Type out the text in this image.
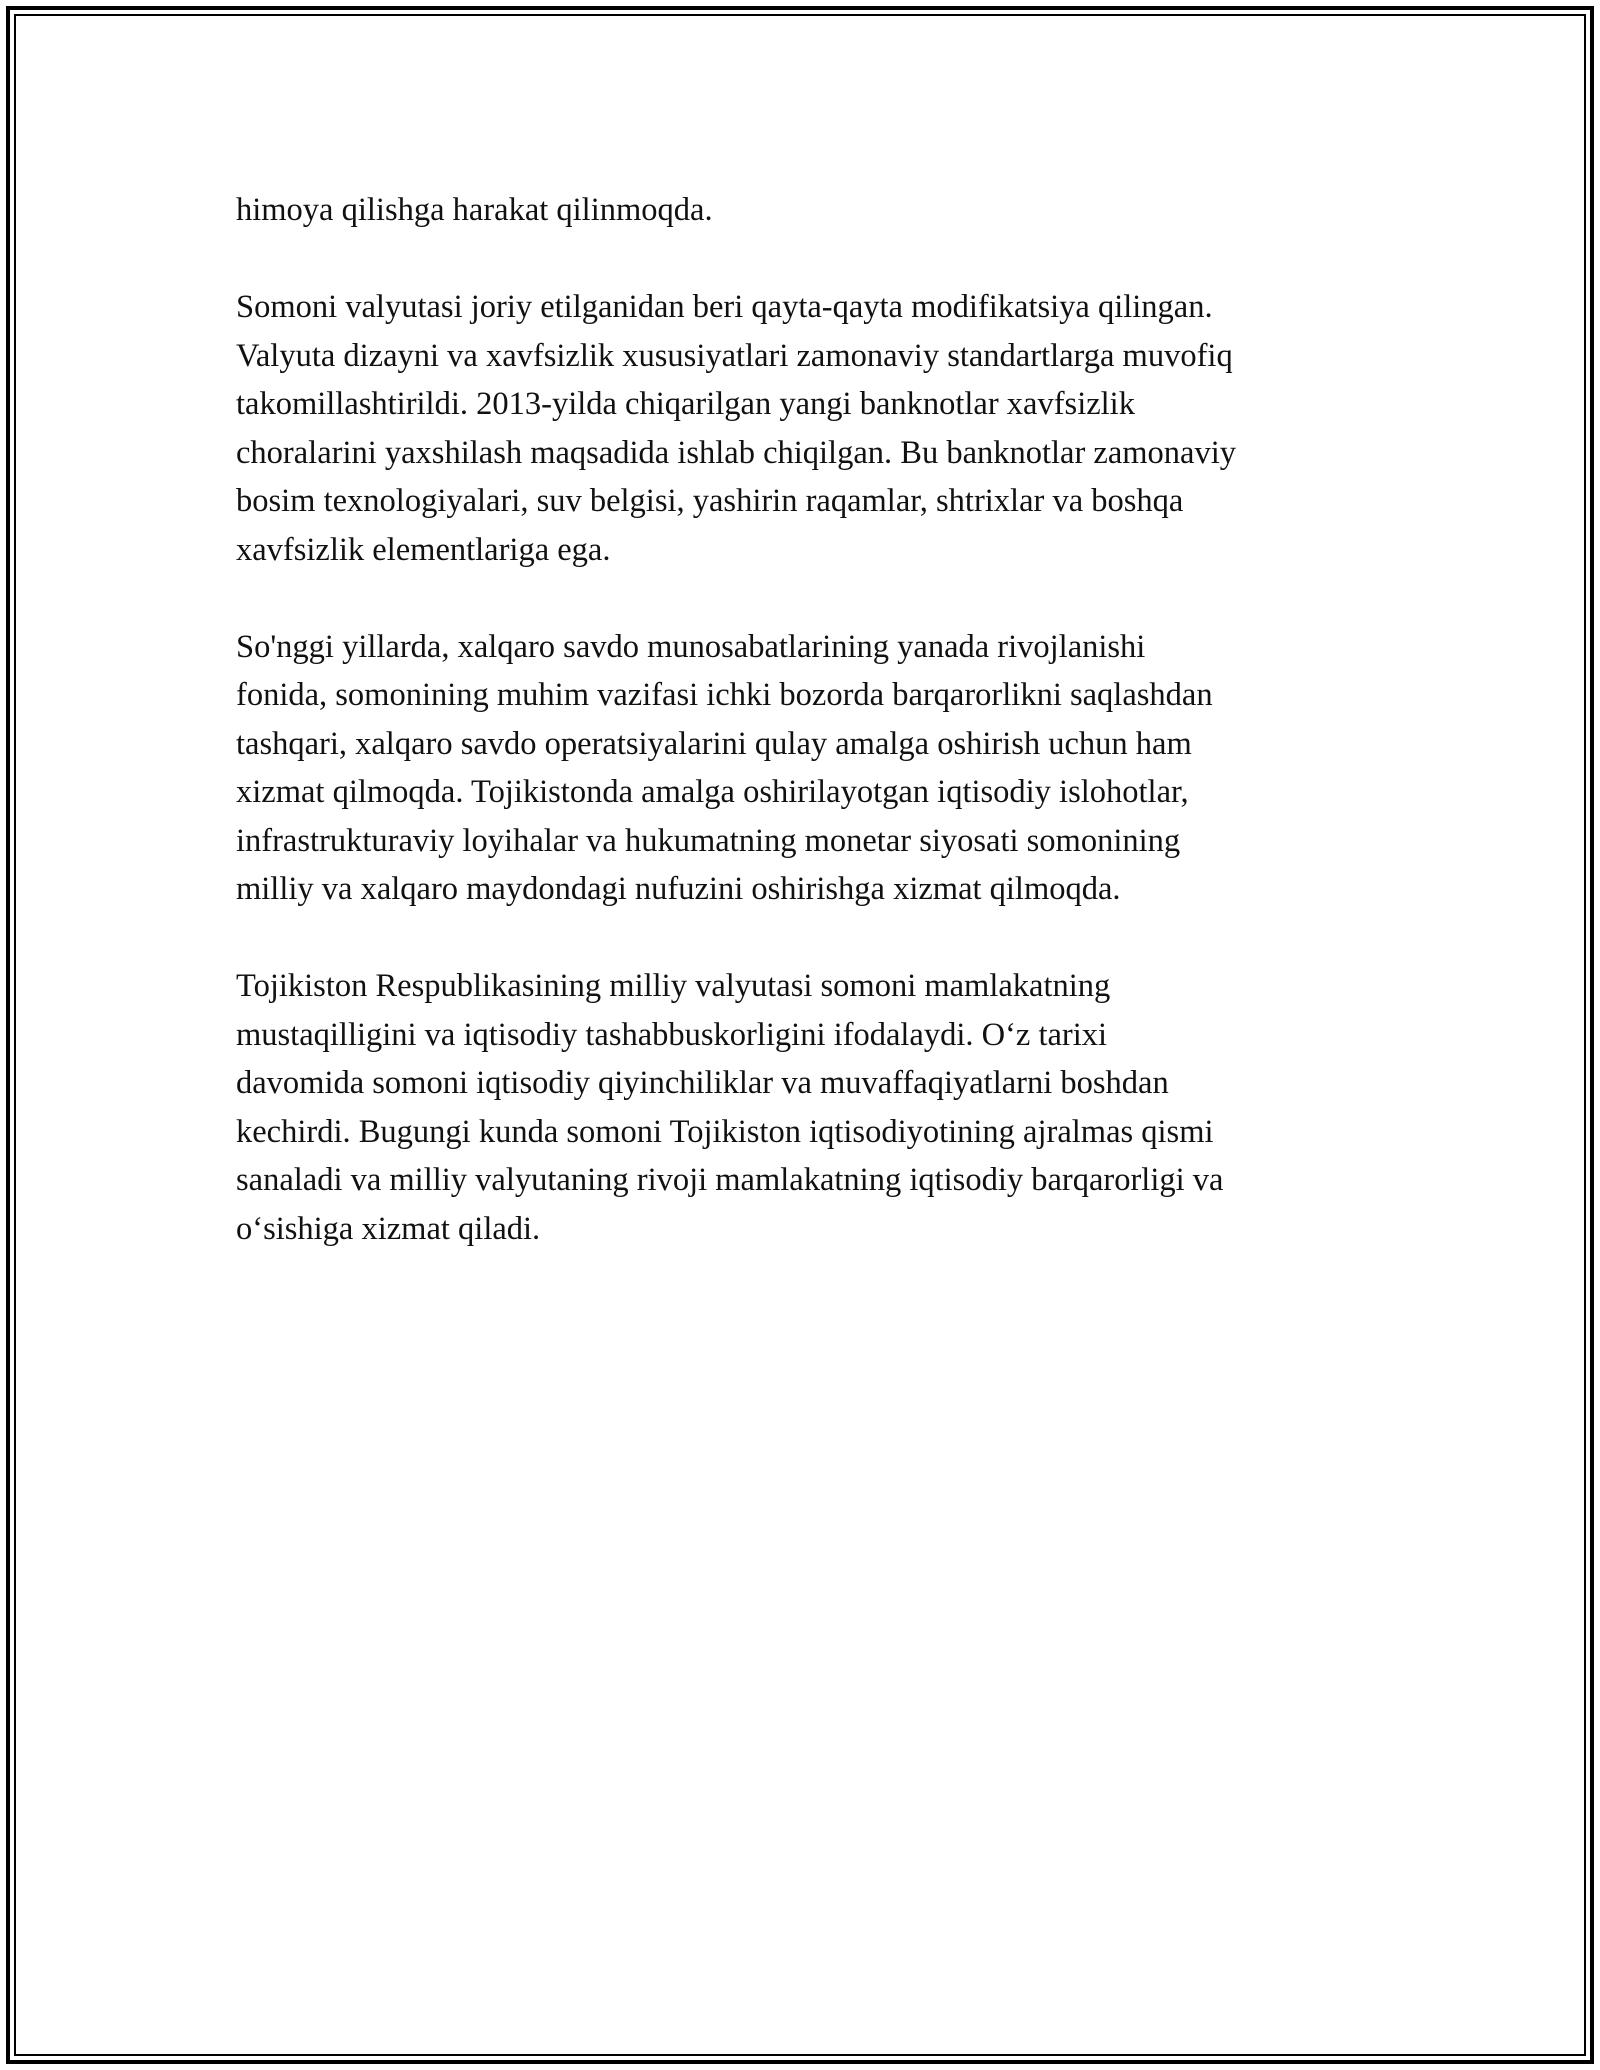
himoya qilishga harakat qilinmoqda.

Somoni valyutasi joriy etilganidan beri qayta-qayta modifikatsiya qilingan.
Valyuta dizayni va xavfsizlik xususiyatlari zamonaviy standartlarga muvofiq
takomillashtirildi. 2013-yilda chiqarilgan yangi banknotlar xavfsizlik
choralarini yaxshilash maqsadida ishlab chiqilgan. Bu banknotlar zamonaviy
bosim texnologiyalari, suv belgisi, yashirin raqamlar, shtrixlar va boshqa
xavfsizlik elementlariga ega.

So'nggi yillarda, xalqaro savdo munosabatlarining yanada rivojlanishi
fonida, somonining muhim vazifasi ichki bozorda barqarorlikni saqlashdan
tashqari, xalqaro savdo operatsiyalarini qulay amalga oshirish uchun ham
xizmat qilmoqda. Tojikistonda amalga oshirilayotgan iqtisodiy islohotlar,
infrastrukturaviy loyihalar va hukumatning monetar siyosati somonining
milliy va xalqaro maydondagi nufuzini oshirishga xizmat qilmoqda.

Tojikiston Respublikasining milliy valyutasi somoni mamlakatning
mustaqilligini va iqtisodiy tashabbuskorligini ifodalaydi. Oʻz tarixi
davomida somoni iqtisodiy qiyinchiliklar va muvaffaqiyatlarni boshdan
kechirdi. Bugungi kunda somoni Tojikiston iqtisodiyotining ajralmas qismi
sanaladi va milliy valyutaning rivoji mamlakatning iqtisodiy barqarorligi va
oʻsishiga xizmat qiladi.
